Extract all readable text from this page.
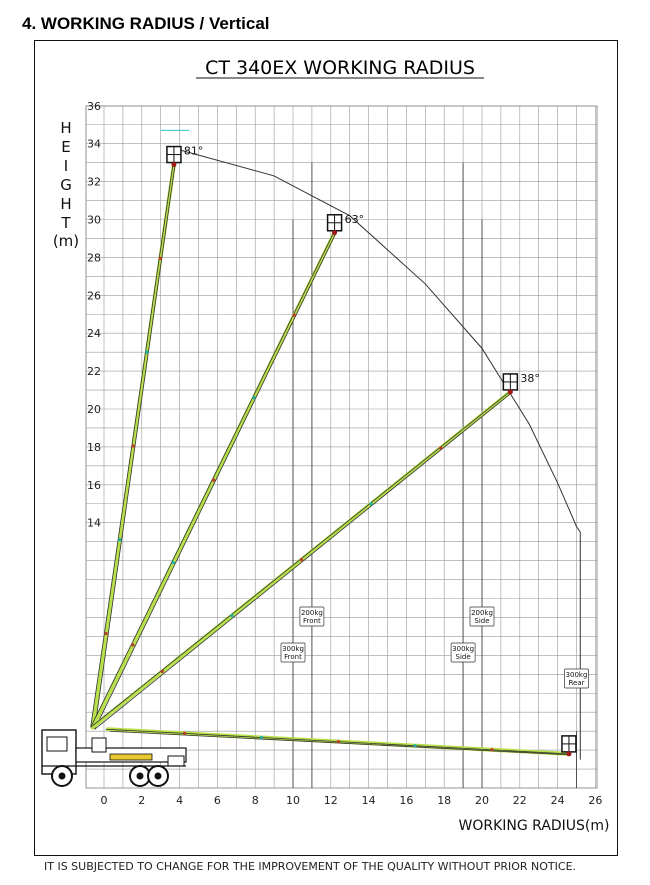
4. WORKING RADIUS / Vertical
IT IS SUBJECTED TO CHANGE FOR THE IMPROVEMENT OF THE QUALITY WITHOUT PRIOR NOTICE.
CT 340EX WORKING RADIUS
14
16
18
20
22
24
26
28
30
32
34
36
0	2	4	6	8 10 12 14 16 18 20 22 24 26
H
E
I
G
H
T
(m)
WORKING RADIUS(m)
200kg
Front
300kg
Front
200kg
Side
300kg
Side
300kg
Rear
81°
63°
38°
